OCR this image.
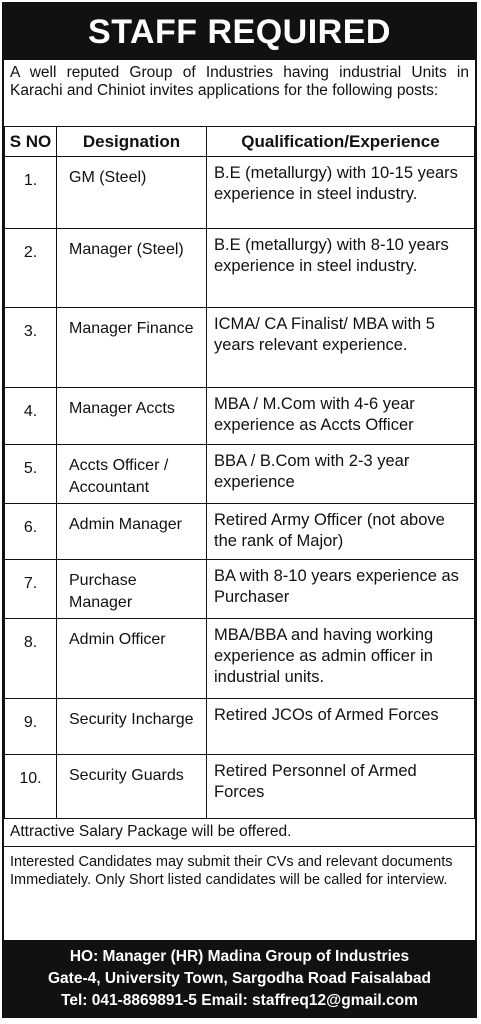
STAFF REQUIRED
A well reputed Group of Industries having industrial Units in Karachi and Chiniot invites applications for the following posts:
S NO	Designation	Qualification/Experience
1.	GM (Steel)	B.E (metallurgy) with 10-15 years experience in steel industry.
2.	Manager (Steel)	B.E (metallurgy) with 8-10 years experience in steel industry.
3.	Manager Finance	ICMA/ CA Finalist/ MBA with 5 years relevant experience.
4.	Manager Accts	MBA / M.Com with 4-6 year experience as Accts Officer
5.	Accts Officer / Accountant	BBA / B.Com with 2-3 year experience
6.	Admin Manager	Retired Army Officer (not above the rank of Major)
7.	Purchase Manager	BA with 8-10 years experience as Purchaser
8.	Admin Officer	MBA/BBA and having working experience as admin officer in industrial units.
9.	Security Incharge	Retired JCOs of Armed Forces
10.	Security Guards	Retired Personnel of Armed Forces
Attractive Salary Package will be offered.
Interested Candidates may submit their CVs and relevant documents Immediately. Only Short listed candidates will be called for interview.
HO: Manager (HR) Madina Group of Industries
Gate-4, University Town, Sargodha Road Faisalabad
Tel: 041-8869891-5 Email: staffreq12@gmail.com
